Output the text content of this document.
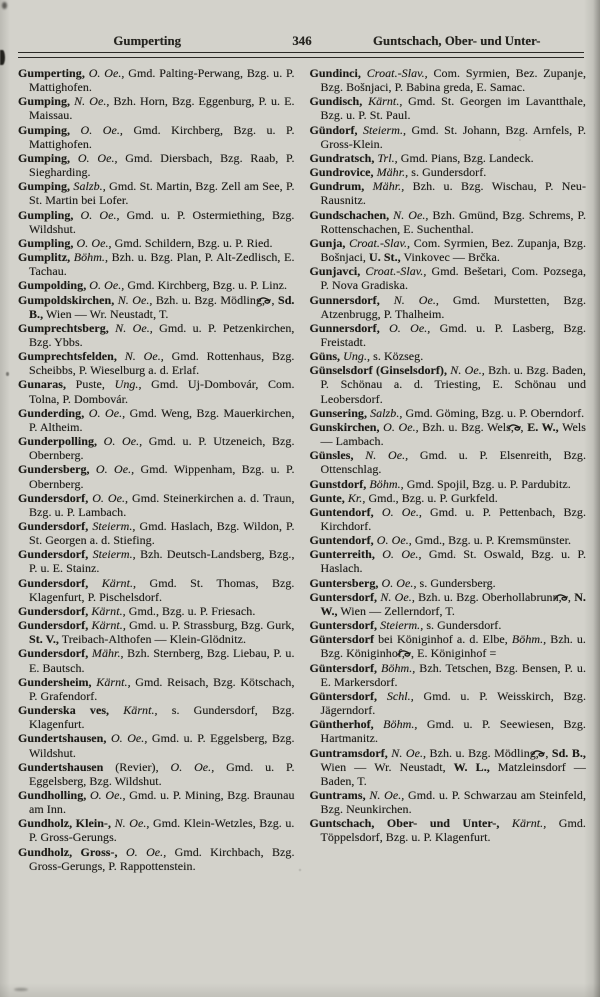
Gumperting	346	Guntschach, Ober- und Unter-

Gumperting, O. Oe., Gmd. Palting-Perwang, Bzg. u. P. Mattighofen.

Gumping, N. Oe., Bzh. Horn, Bzg. Eggenburg, P. u. E. Maissau.

Gumping, O. Oe., Gmd. Kirchberg, Bzg. u. P. Mattighofen.

Gumping, O. Oe., Gmd. Diersbach, Bzg. Raab, P. Siegharding.

Gumping, Salzb., Gmd. St. Martin, Bzg. Zell am See, P. St. Martin bei Lofer.

Gumpling, O. Oe., Gmd. u. P. Ostermiething, Bzg. Wildshut.

Gumpling, O. Oe., Gmd. Schildern, Bzg. u. P. Ried.

Gumplitz, Böhm., Bzh. u. Bzg. Plan, P. Alt-Zedlisch, E. Tachau.

Gumpolding, O. Oe., Gmd. Kirchberg, Bzg. u. P. Linz.

Gumpoldskirchen, N. Oe., Bzh. u. Bzg. Mödling, , Sd. B., Wien — Wr. Neustadt, T.

Gumprechtsberg, N. Oe., Gmd. u. P. Petzenkirchen, Bzg. Ybbs.

Gumprechtsfelden, N. Oe., Gmd. Rottenhaus, Bzg. Scheibbs, P. Wieselburg a. d. Erlaf.

Gunaras, Puste, Ung., Gmd. Uj-Dombovár, Com. Tolna, P. Dombovár.

Gunderding, O. Oe., Gmd. Weng, Bzg. Mauerkirchen, P. Altheim.

Gunderpolling, O. Oe., Gmd. u. P. Utzeneich, Bzg. Obernberg.

Gundersberg, O. Oe., Gmd. Wippenham, Bzg. u. P. Obernberg.

Gundersdorf, O. Oe., Gmd. Steinerkirchen a. d. Traun, Bzg. u. P. Lambach.

Gundersdorf, Steierm., Gmd. Haslach, Bzg. Wildon, P. St. Georgen a. d. Stiefing.

Gundersdorf, Steierm., Bzh. Deutsch-Landsberg, Bzg., P. u. E. Stainz.

Gundersdorf, Kärnt., Gmd. St. Thomas, Bzg. Klagenfurt, P. Pischelsdorf.

Gundersdorf, Kärnt., Gmd., Bzg. u. P. Friesach.

Gundersdorf, Kärnt., Gmd. u. P. Strassburg, Bzg. Gurk, St. V., Treibach-Althofen — Klein-Glödnitz.

Gundersdorf, Mähr., Bzh. Sternberg, Bzg. Liebau, P. u. E. Bautsch.

Gundersheim, Kärnt., Gmd. Reisach, Bzg. Kötschach, P. Grafendorf.

Gunderska ves, Kärnt., s. Gundersdorf, Bzg. Klagenfurt.

Gundertshausen, O. Oe., Gmd. u. P. Eggelsberg, Bzg. Wildshut.

Gundertshausen (Revier), O. Oe., Gmd. u. P. Eggelsberg, Bzg. Wildshut.

Gundholling, O. Oe., Gmd. u. P. Mining, Bzg. Braunau am Inn.

Gundholz, Klein-, N. Oe., Gmd. Klein-Wetzles, Bzg. u. P. Gross-Gerungs.

Gundholz, Gross-, O. Oe., Gmd. Kirchbach, Bzg. Gross-Gerungs, P. Rappottenstein.

Gundinci, Croat.-Slav., Com. Syrmien, Bez. Zupanje, Bzg. Bošnjaci, P. Babina greda, E. Samac.

Gundisch, Kärnt., Gmd. St. Georgen im Lavantthale, Bzg. u. P. St. Paul.

Gündorf, Steierm., Gmd. St. Johann, Bzg. Arnfels, P. Gross-Klein.

Gundratsch, Trl., Gmd. Pians, Bzg. Landeck.

Gundrovice, Mähr., s. Gundersdorf.

Gundrum, Mähr., Bzh. u. Bzg. Wischau, P. Neu-Rausnitz.

Gundschachen, N. Oe., Bzh. Gmünd, Bzg. Schrems, P. Rottenschachen, E. Suchenthal.

Gunja, Croat.-Slav., Com. Syrmien, Bez. Zupanja, Bzg. Bošnjaci, U. St., Vinkovec — Brčka.

Gunjavci, Croat.-Slav., Gmd. Bešetari, Com. Pozsega, P. Nova Gradiska.

Gunnersdorf, N. Oe., Gmd. Murstetten, Bzg. Atzenbrugg, P. Thalheim.

Gunnersdorf, O. Oe., Gmd. u. P. Lasberg, Bzg. Freistadt.

Güns, Ung., s. Közseg.

Günselsdorf (Ginselsdorf), N. Oe., Bzh. u. Bzg. Baden, P. Schönau a. d. Triesting, E. Schönau und Leobersdorf.

Gunsering, Salzb., Gmd. Göming, Bzg. u. P. Oberndorf.

Gunskirchen, O. Oe., Bzh. u. Bzg. Wels, , E. W., Wels — Lambach.

Günsles, N. Oe., Gmd. u. P. Elsenreith, Bzg. Ottenschlag.

Gunstdorf, Böhm., Gmd. Spojil, Bzg. u. P. Pardubitz.

Gunte, Kr., Gmd., Bzg. u. P. Gurkfeld.

Guntendorf, O. Oe., Gmd. u. P. Pettenbach, Bzg. Kirchdorf.

Guntendorf, O. Oe., Gmd., Bzg. u. P. Kremsmünster.

Gunterreith, O. Oe., Gmd. St. Oswald, Bzg. u. P. Haslach.

Guntersberg, O. Oe., s. Gundersberg.

Guntersdorf, N. Oe., Bzh. u. Bzg. Oberhollabrunn, , N. W., Wien — Zellerndorf, T.

Guntersdorf, Steierm., s. Gundersdorf.

Güntersdorf bei Königinhof a. d. Elbe, Böhm., Bzh. u. Bzg. Königinhof, , E. Königinhof =

Güntersdorf, Böhm., Bzh. Tetschen, Bzg. Bensen, P. u. E. Markersdorf.

Güntersdorf, Schl., Gmd. u. P. Weisskirch, Bzg. Jägerndorf.

Güntherhof, Böhm., Gmd. u. P. Seewiesen, Bzg. Hartmanitz.

Guntramsdorf, N. Oe., Bzh. u. Bzg. Mödling, , Sd. B., Wien — Wr. Neustadt, W. L., Matzleinsdorf — Baden, T.

Guntrams, N. Oe., Gmd. u. P. Schwarzau am Steinfeld, Bzg. Neunkirchen.

Guntschach, Ober- und Unter-, Kärnt., Gmd. Töppelsdorf, Bzg. u. P. Klagenfurt.
